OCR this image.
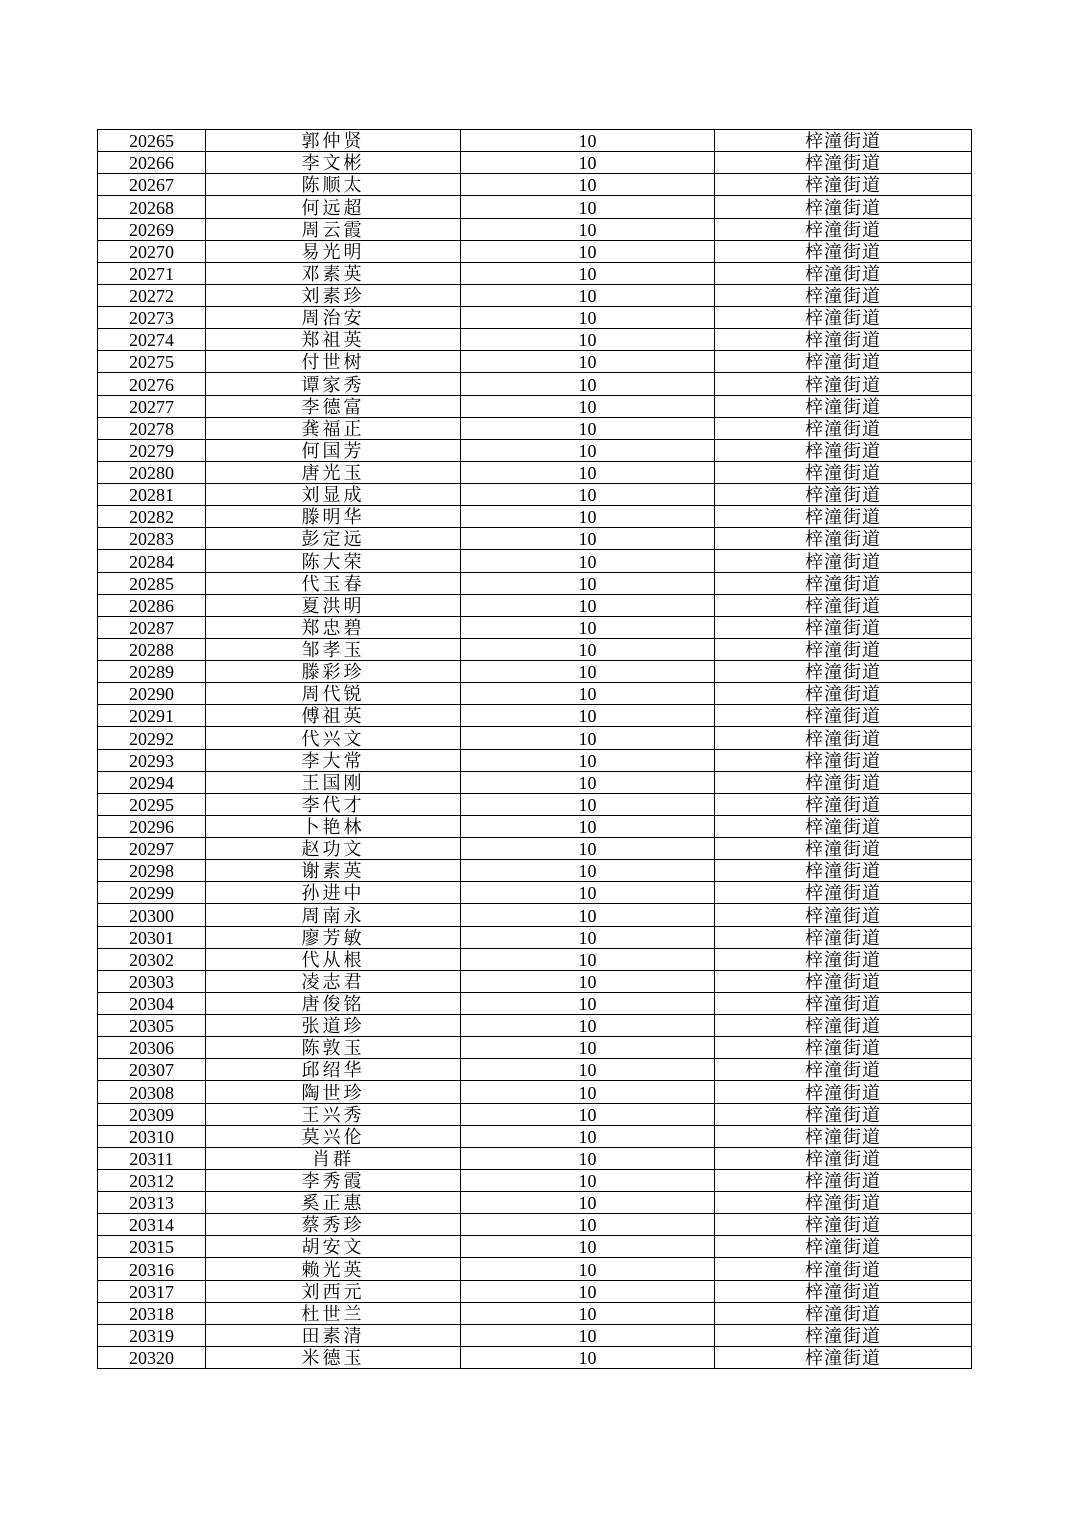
20265	郭仲贤	10	梓潼街道
20266	李文彬	10	梓潼街道
20267	陈顺太	10	梓潼街道
20268	何远超	10	梓潼街道
20269	周云霞	10	梓潼街道
20270	易光明	10	梓潼街道
20271	邓素英	10	梓潼街道
20272	刘素珍	10	梓潼街道
20273	周治安	10	梓潼街道
20274	郑祖英	10	梓潼街道
20275	付世树	10	梓潼街道
20276	谭家秀	10	梓潼街道
20277	李德富	10	梓潼街道
20278	龚福正	10	梓潼街道
20279	何国芳	10	梓潼街道
20280	唐光玉	10	梓潼街道
20281	刘显成	10	梓潼街道
20282	滕明华	10	梓潼街道
20283	彭定远	10	梓潼街道
20284	陈大荣	10	梓潼街道
20285	代玉春	10	梓潼街道
20286	夏洪明	10	梓潼街道
20287	郑忠碧	10	梓潼街道
20288	邹孝玉	10	梓潼街道
20289	滕彩珍	10	梓潼街道
20290	周代锐	10	梓潼街道
20291	傅祖英	10	梓潼街道
20292	代兴文	10	梓潼街道
20293	李大常	10	梓潼街道
20294	王国刚	10	梓潼街道
20295	李代才	10	梓潼街道
20296	卜艳林	10	梓潼街道
20297	赵功文	10	梓潼街道
20298	谢素英	10	梓潼街道
20299	孙进中	10	梓潼街道
20300	周南永	10	梓潼街道
20301	廖芳敏	10	梓潼街道
20302	代从根	10	梓潼街道
20303	凌志君	10	梓潼街道
20304	唐俊铭	10	梓潼街道
20305	张道珍	10	梓潼街道
20306	陈敦玉	10	梓潼街道
20307	邱绍华	10	梓潼街道
20308	陶世珍	10	梓潼街道
20309	王兴秀	10	梓潼街道
20310	莫兴伦	10	梓潼街道
20311	肖群	10	梓潼街道
20312	李秀霞	10	梓潼街道
20313	奚正惠	10	梓潼街道
20314	蔡秀珍	10	梓潼街道
20315	胡安文	10	梓潼街道
20316	赖光英	10	梓潼街道
20317	刘西元	10	梓潼街道
20318	杜世兰	10	梓潼街道
20319	田素清	10	梓潼街道
20320	米德玉	10	梓潼街道
